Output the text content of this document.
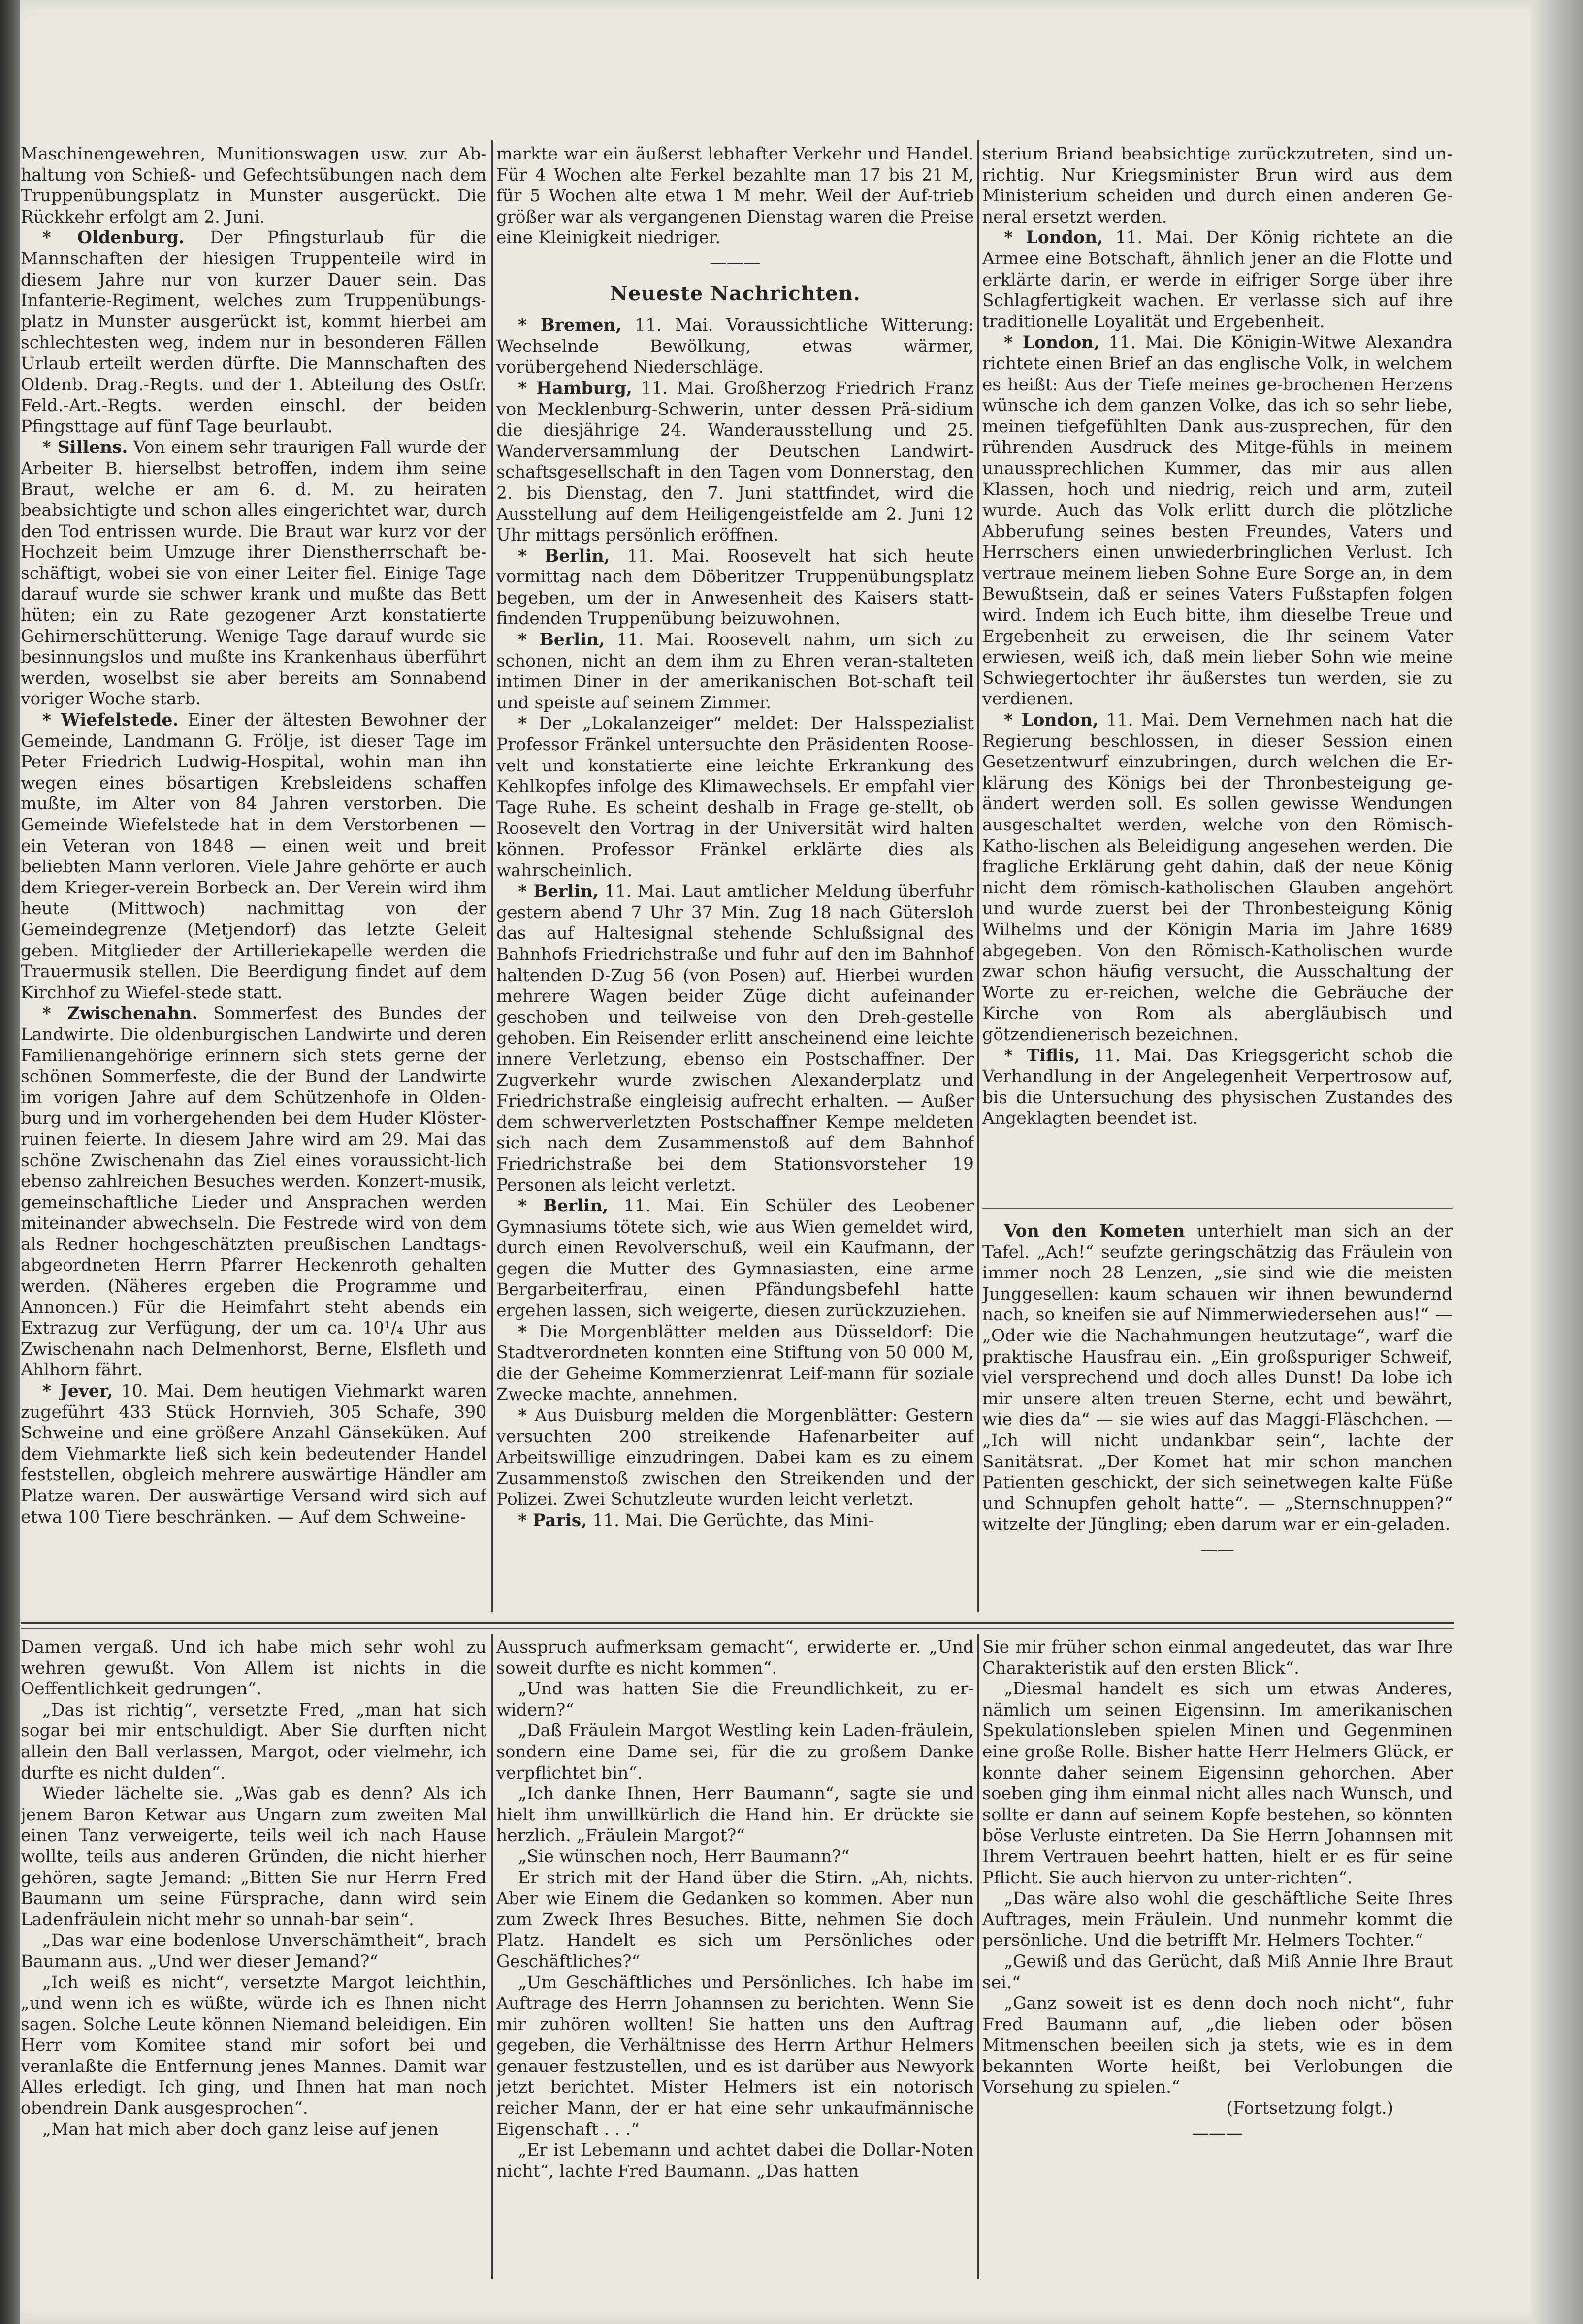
Maschinengewehren, Munitionswagen usw. zur Ab-haltung von Schieß- und Gefechtsübungen nach dem Truppenübungsplatz in Munster ausgerückt. Die Rückkehr erfolgt am 2. Juni.

* Oldenburg. Der Pfingsturlaub für die Mannschaften der hiesigen Truppenteile wird in diesem Jahre nur von kurzer Dauer sein. Das Infanterie-Regiment, welches zum Truppenübungs-platz in Munster ausgerückt ist, kommt hierbei am schlechtesten weg, indem nur in besonderen Fällen Urlaub erteilt werden dürfte. Die Mannschaften des Oldenb. Drag.-Regts. und der 1. Abteilung des Ostfr. Feld.-Art.-Regts. werden einschl. der beiden Pfingsttage auf fünf Tage beurlaubt.

* Sillens. Von einem sehr traurigen Fall wurde der Arbeiter B. hierselbst betroffen, indem ihm seine Braut, welche er am 6. d. M. zu heiraten beabsichtigte und schon alles eingerichtet war, durch den Tod entrissen wurde. Die Braut war kurz vor der Hochzeit beim Umzuge ihrer Dienstherrschaft be-schäftigt, wobei sie von einer Leiter fiel. Einige Tage darauf wurde sie schwer krank und mußte das Bett hüten; ein zu Rate gezogener Arzt konstatierte Gehirnerschütterung. Wenige Tage darauf wurde sie besinnungslos und mußte ins Krankenhaus überführt werden, woselbst sie aber bereits am Sonnabend voriger Woche starb.

* Wiefelstede. Einer der ältesten Bewohner der Gemeinde, Landmann G. Frölje, ist dieser Tage im Peter Friedrich Ludwig-Hospital, wohin man ihn wegen eines bösartigen Krebsleidens schaffen mußte, im Alter von 84 Jahren verstorben. Die Gemeinde Wiefelstede hat in dem Verstorbenen — ein Veteran von 1848 — einen weit und breit beliebten Mann verloren. Viele Jahre gehörte er auch dem Krieger-verein Borbeck an. Der Verein wird ihm heute (Mittwoch) nachmittag von der Gemeindegrenze (Metjendorf) das letzte Geleit geben. Mitglieder der Artilleriekapelle werden die Trauermusik stellen. Die Beerdigung findet auf dem Kirchhof zu Wiefel-stede statt.

* Zwischenahn. Sommerfest des Bundes der Landwirte. Die oldenburgischen Landwirte und deren Familienangehörige erinnern sich stets gerne der schönen Sommerfeste, die der Bund der Landwirte im vorigen Jahre auf dem Schützenhofe in Olden-burg und im vorhergehenden bei dem Huder Klöster-ruinen feierte. In diesem Jahre wird am 29. Mai das schöne Zwischenahn das Ziel eines voraussicht-lich ebenso zahlreichen Besuches werden. Konzert-musik, gemeinschaftliche Lieder und Ansprachen werden miteinander abwechseln. Die Festrede wird von dem als Redner hochgeschätzten preußischen Landtags-abgeordneten Herrn Pfarrer Heckenroth gehalten werden. (Näheres ergeben die Programme und Annoncen.) Für die Heimfahrt steht abends ein Extrazug zur Verfügung, der um ca. 10¹/₄ Uhr aus Zwischenahn nach Delmenhorst, Berne, Elsfleth und Ahlhorn fährt.

* Jever, 10. Mai. Dem heutigen Viehmarkt waren zugeführt 433 Stück Hornvieh, 305 Schafe, 390 Schweine und eine größere Anzahl Gänseküken. Auf dem Viehmarkte ließ sich kein bedeutender Handel feststellen, obgleich mehrere auswärtige Händler am Platze waren. Der auswärtige Versand wird sich auf etwa 100 Tiere beschränken. — Auf dem Schweine-

markte war ein äußerst lebhafter Verkehr und Handel. Für 4 Wochen alte Ferkel bezahlte man 17 bis 21 M, für 5 Wochen alte etwa 1 M mehr. Weil der Auf-trieb größer war als vergangenen Dienstag waren die Preise eine Kleinigkeit niedriger.

———
Neueste Nachrichten.

* Bremen, 11. Mai. Voraussichtliche Witterung: Wechselnde Bewölkung, etwas wärmer, vorübergehend Niederschläge.

* Hamburg, 11. Mai. Großherzog Friedrich Franz von Mecklenburg-Schwerin, unter dessen Prä-sidium die diesjährige 24. Wanderausstellung und 25. Wanderversammlung der Deutschen Landwirt-schaftsgesellschaft in den Tagen vom Donnerstag, den 2. bis Dienstag, den 7. Juni stattfindet, wird die Ausstellung auf dem Heiligengeistfelde am 2. Juni 12 Uhr mittags persönlich eröffnen.

* Berlin, 11. Mai. Roosevelt hat sich heute vormittag nach dem Döberitzer Truppenübungsplatz begeben, um der in Anwesenheit des Kaisers statt-findenden Truppenübung beizuwohnen.

* Berlin, 11. Mai. Roosevelt nahm, um sich zu schonen, nicht an dem ihm zu Ehren veran-stalteten intimen Diner in der amerikanischen Bot-schaft teil und speiste auf seinem Zimmer.

* Der „Lokalanzeiger“ meldet: Der Halsspezialist Professor Fränkel untersuchte den Präsidenten Roose-velt und konstatierte eine leichte Erkrankung des Kehlkopfes infolge des Klimawechsels. Er empfahl vier Tage Ruhe. Es scheint deshalb in Frage ge-stellt, ob Roosevelt den Vortrag in der Universität wird halten können. Professor Fränkel erklärte dies als wahrscheinlich.

* Berlin, 11. Mai. Laut amtlicher Meldung überfuhr gestern abend 7 Uhr 37 Min. Zug 18 nach Gütersloh das auf Haltesignal stehende Schlußsignal des Bahnhofs Friedrichstraße und fuhr auf den im Bahnhof haltenden D-Zug 56 (von Posen) auf. Hierbei wurden mehrere Wagen beider Züge dicht aufeinander geschoben und teilweise von den Dreh-gestelle gehoben. Ein Reisender erlitt anscheinend eine leichte innere Verletzung, ebenso ein Postschaffner. Der Zugverkehr wurde zwischen Alexanderplatz und Friedrichstraße eingleisig aufrecht erhalten. — Außer dem schwerverletzten Postschaffner Kempe meldeten sich nach dem Zusammenstoß auf dem Bahnhof Friedrichstraße bei dem Stationsvorsteher 19 Personen als leicht verletzt.

* Berlin, 11. Mai. Ein Schüler des Leobener Gymnasiums tötete sich, wie aus Wien gemeldet wird, durch einen Revolverschuß, weil ein Kaufmann, der gegen die Mutter des Gymnasiasten, eine arme Bergarbeiterfrau, einen Pfändungsbefehl hatte ergehen lassen, sich weigerte, diesen zurückzuziehen.

* Die Morgenblätter melden aus Düsseldorf: Die Stadtverordneten konnten eine Stiftung von 50 000 M, die der Geheime Kommerzienrat Leif-mann für soziale Zwecke machte, annehmen.

* Aus Duisburg melden die Morgenblätter: Gestern versuchten 200 streikende Hafenarbeiter auf Arbeitswillige einzudringen. Dabei kam es zu einem Zusammenstoß zwischen den Streikenden und der Polizei. Zwei Schutzleute wurden leicht verletzt.

* Paris, 11. Mai. Die Gerüchte, das Mini-

sterium Briand beabsichtige zurückzutreten, sind un-richtig. Nur Kriegsminister Brun wird aus dem Ministerium scheiden und durch einen anderen Ge-neral ersetzt werden.

* London, 11. Mai. Der König richtete an die Armee eine Botschaft, ähnlich jener an die Flotte und erklärte darin, er werde in eifriger Sorge über ihre Schlagfertigkeit wachen. Er verlasse sich auf ihre traditionelle Loyalität und Ergebenheit.

* London, 11. Mai. Die Königin-Witwe Alexandra richtete einen Brief an das englische Volk, in welchem es heißt: Aus der Tiefe meines ge-brochenen Herzens wünsche ich dem ganzen Volke, das ich so sehr liebe, meinen tiefgefühlten Dank aus-zusprechen, für den rührenden Ausdruck des Mitge-fühls in meinem unaussprechlichen Kummer, das mir aus allen Klassen, hoch und niedrig, reich und arm, zuteil wurde. Auch das Volk erlitt durch die plötzliche Abberufung seines besten Freundes, Vaters und Herrschers einen unwiederbringlichen Verlust. Ich vertraue meinem lieben Sohne Eure Sorge an, in dem Bewußtsein, daß er seines Vaters Fußstapfen folgen wird. Indem ich Euch bitte, ihm dieselbe Treue und Ergebenheit zu erweisen, die Ihr seinem Vater erwiesen, weiß ich, daß mein lieber Sohn wie meine Schwiegertochter ihr äußerstes tun werden, sie zu verdienen.

* London, 11. Mai. Dem Vernehmen nach hat die Regierung beschlossen, in dieser Session einen Gesetzentwurf einzubringen, durch welchen die Er-klärung des Königs bei der Thronbesteigung ge-ändert werden soll. Es sollen gewisse Wendungen ausgeschaltet werden, welche von den Römisch-Katho-lischen als Beleidigung angesehen werden. Die fragliche Erklärung geht dahin, daß der neue König nicht dem römisch-katholischen Glauben angehört und wurde zuerst bei der Thronbesteigung König Wilhelms und der Königin Maria im Jahre 1689 abgegeben. Von den Römisch-Katholischen wurde zwar schon häufig versucht, die Ausschaltung der Worte zu er-reichen, welche die Gebräuche der Kirche von Rom als abergläubisch und götzendienerisch bezeichnen.

* Tiflis, 11. Mai. Das Kriegsgericht schob die Verhandlung in der Angelegenheit Verpertrosow auf, bis die Untersuchung des physischen Zustandes des Angeklagten beendet ist.

Von den Kometen unterhielt man sich an der Tafel. „Ach!“ seufzte geringschätzig das Fräulein von immer noch 28 Lenzen, „sie sind wie die meisten Junggesellen: kaum schauen wir ihnen bewundernd nach, so kneifen sie auf Nimmerwiedersehen aus!“ — „Oder wie die Nachahmungen heutzutage“, warf die praktische Hausfrau ein. „Ein großspuriger Schweif, viel versprechend und doch alles Dunst! Da lobe ich mir unsere alten treuen Sterne, echt und bewährt, wie dies da“ — sie wies auf das Maggi-Fläschchen. — „Ich will nicht undankbar sein“, lachte der Sanitätsrat. „Der Komet hat mir schon manchen Patienten geschickt, der sich seinetwegen kalte Füße und Schnupfen geholt hatte“. — „Sternschnuppen?“ witzelte der Jüngling; eben darum war er ein-geladen.

——

Damen vergaß. Und ich habe mich sehr wohl zu wehren gewußt. Von Allem ist nichts in die Oeffentlichkeit gedrungen“.

„Das ist richtig“, versetzte Fred, „man hat sich sogar bei mir entschuldigt. Aber Sie durften nicht allein den Ball verlassen, Margot, oder vielmehr, ich durfte es nicht dulden“.

Wieder lächelte sie. „Was gab es denn? Als ich jenem Baron Ketwar aus Ungarn zum zweiten Mal einen Tanz verweigerte, teils weil ich nach Hause wollte, teils aus anderen Gründen, die nicht hierher gehören, sagte Jemand: „Bitten Sie nur Herrn Fred Baumann um seine Fürsprache, dann wird sein Ladenfräulein nicht mehr so unnah-bar sein“.

„Das war eine bodenlose Unverschämtheit“, brach Baumann aus. „Und wer dieser Jemand?“

„Ich weiß es nicht“, versetzte Margot leichthin, „und wenn ich es wüßte, würde ich es Ihnen nicht sagen. Solche Leute können Niemand beleidigen. Ein Herr vom Komitee stand mir sofort bei und veranlaßte die Entfernung jenes Mannes. Damit war Alles erledigt. Ich ging, und Ihnen hat man noch obendrein Dank ausgesprochen“.

„Man hat mich aber doch ganz leise auf jenen

Ausspruch aufmerksam gemacht“, erwiderte er. „Und soweit durfte es nicht kommen“.

„Und was hatten Sie die Freundlichkeit, zu er-widern?“

„Daß Fräulein Margot Westling kein Laden-fräulein, sondern eine Dame sei, für die zu großem Danke verpflichtet bin“.

„Ich danke Ihnen, Herr Baumann“, sagte sie und hielt ihm unwillkürlich die Hand hin. Er drückte sie herzlich. „Fräulein Margot?“

„Sie wünschen noch, Herr Baumann?“

Er strich mit der Hand über die Stirn. „Ah, nichts. Aber wie Einem die Gedanken so kommen. Aber nun zum Zweck Ihres Besuches. Bitte, nehmen Sie doch Platz. Handelt es sich um Persönliches oder Geschäftliches?“

„Um Geschäftliches und Persönliches. Ich habe im Auftrage des Herrn Johannsen zu berichten. Wenn Sie mir zuhören wollten! Sie hatten uns den Auftrag gegeben, die Verhältnisse des Herrn Arthur Helmers genauer festzustellen, und es ist darüber aus Newyork jetzt berichtet. Mister Helmers ist ein notorisch reicher Mann, der er hat eine sehr unkaufmännische Eigenschaft . . .“

„Er ist Lebemann und achtet dabei die Dollar-Noten nicht“, lachte Fred Baumann. „Das hatten

Sie mir früher schon einmal angedeutet, das war Ihre Charakteristik auf den ersten Blick“.

„Diesmal handelt es sich um etwas Anderes, nämlich um seinen Eigensinn. Im amerikanischen Spekulationsleben spielen Minen und Gegenminen eine große Rolle. Bisher hatte Herr Helmers Glück, er konnte daher seinem Eigensinn gehorchen. Aber soeben ging ihm einmal nicht alles nach Wunsch, und sollte er dann auf seinem Kopfe bestehen, so könnten böse Verluste eintreten. Da Sie Herrn Johannsen mit Ihrem Vertrauen beehrt hatten, hielt er es für seine Pflicht. Sie auch hiervon zu unter-richten“.

„Das wäre also wohl die geschäftliche Seite Ihres Auftrages, mein Fräulein. Und nunmehr kommt die persönliche. Und die betrifft Mr. Helmers Tochter.“

„Gewiß und das Gerücht, daß Miß Annie Ihre Braut sei.“

„Ganz soweit ist es denn doch noch nicht“, fuhr Fred Baumann auf, „die lieben oder bösen Mitmenschen beeilen sich ja stets, wie es in dem bekannten Worte heißt, bei Verlobungen die Vorsehung zu spielen.“

(Fortsetzung folgt.)

———
